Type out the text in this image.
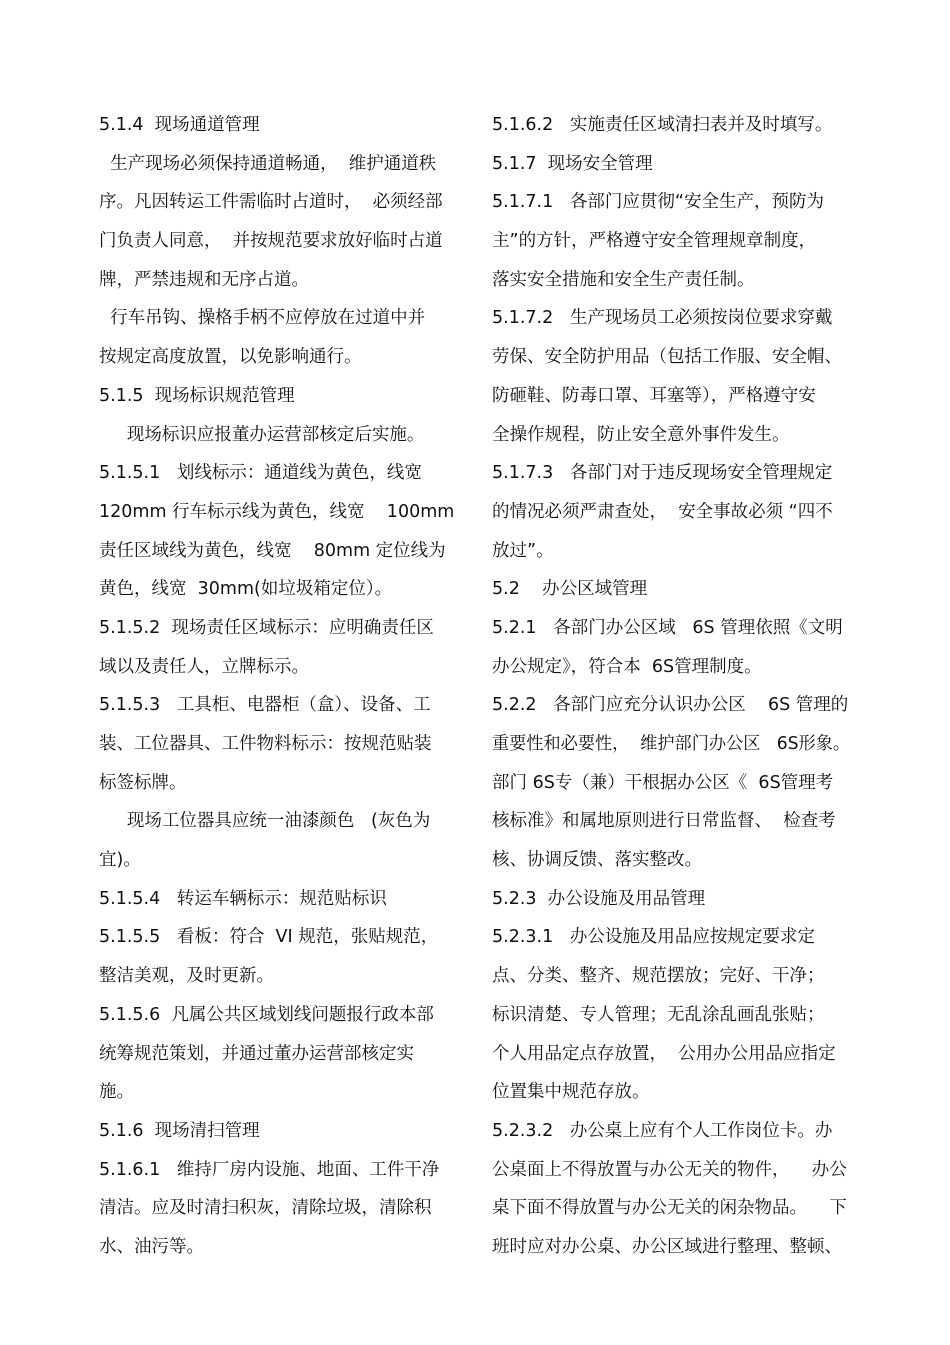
5.1.4  现场通道管理
生产现场必须保持通道畅通，  维护通道秩
序。凡因转运工件需临时占道时，  必须经部
门负责人同意，  并按规范要求放好临时占道
牌，严禁违规和无序占道。
行车吊钩、操格手柄不应停放在过道中并
按规定高度放置，以免影响通行。
5.1.5  现场标识规范管理
现场标识应报董办运营部核定后实施。
5.1.5.1   划线标示：通道线为黄色，线宽
120mm 行车标示线为黄色，线宽    100mm
责任区域线为黄色，线宽    80mm 定位线为
黄色，线宽  30mm(如垃圾箱定位）。
5.1.5.2  现场责任区域标示：应明确责任区
域以及责任人，立牌标示。
5.1.5.3   工具柜、电器柜（盒）、设备、工
装、工位器具、工件物料标示：按规范贴装
标签标牌。
现场工位器具应统一油漆颜色   (灰色为
宜)。
5.1.5.4   转运车辆标示：规范贴标识
5.1.5.5   看板：符合  VI 规范，张贴规范，
整洁美观，及时更新。
5.1.5.6  凡属公共区域划线问题报行政本部
统筹规范策划，并通过董办运营部核定实
施。
5.1.6  现场清扫管理
5.1.6.1   维持厂房内设施、地面、工件干净
清洁。应及时清扫积灰，清除垃圾，清除积
水、油污等。
5.1.6.2   实施责任区域清扫表并及时填写。
5.1.7  现场安全管理
5.1.7.1   各部门应贯彻“安全生产，预防为
主”的方针，严格遵守安全管理规章制度，
落实安全措施和安全生产责任制。
5.1.7.2   生产现场员工必须按岗位要求穿戴
劳保、安全防护用品（包括工作服、安全帽、
防砸鞋、防毒口罩、耳塞等），严格遵守安
全操作规程，防止安全意外事件发生。
5.1.7.3   各部门对于违反现场安全管理规定
的情况必须严肃查处，  安全事故必须 “四不
放过”。
5.2    办公区域管理
5.2.1   各部门办公区域   6S 管理依照《文明
办公规定》，符合本  6S管理制度。
5.2.2   各部门应充分认识办公区    6S 管理的
重要性和必要性，  维护部门办公区   6S形象。
部门 6S专（兼）干根据办公区《  6S管理考
核标准》和属地原则进行日常监督、  检查考
核、协调反馈、落实整改。
5.2.3  办公设施及用品管理
5.2.3.1   办公设施及用品应按规定要求定
点、分类、整齐、规范摆放；完好、干净；
标识清楚、专人管理；无乱涂乱画乱张贴；
个人用品定点存放置，  公用办公用品应指定
位置集中规范存放。
5.2.3.2   办公桌上应有个人工作岗位卡。办
公桌面上不得放置与办公无关的物件，    办公
桌下面不得放置与办公无关的闲杂物品。    下
班时应对办公桌、办公区域进行整理、整顿、
